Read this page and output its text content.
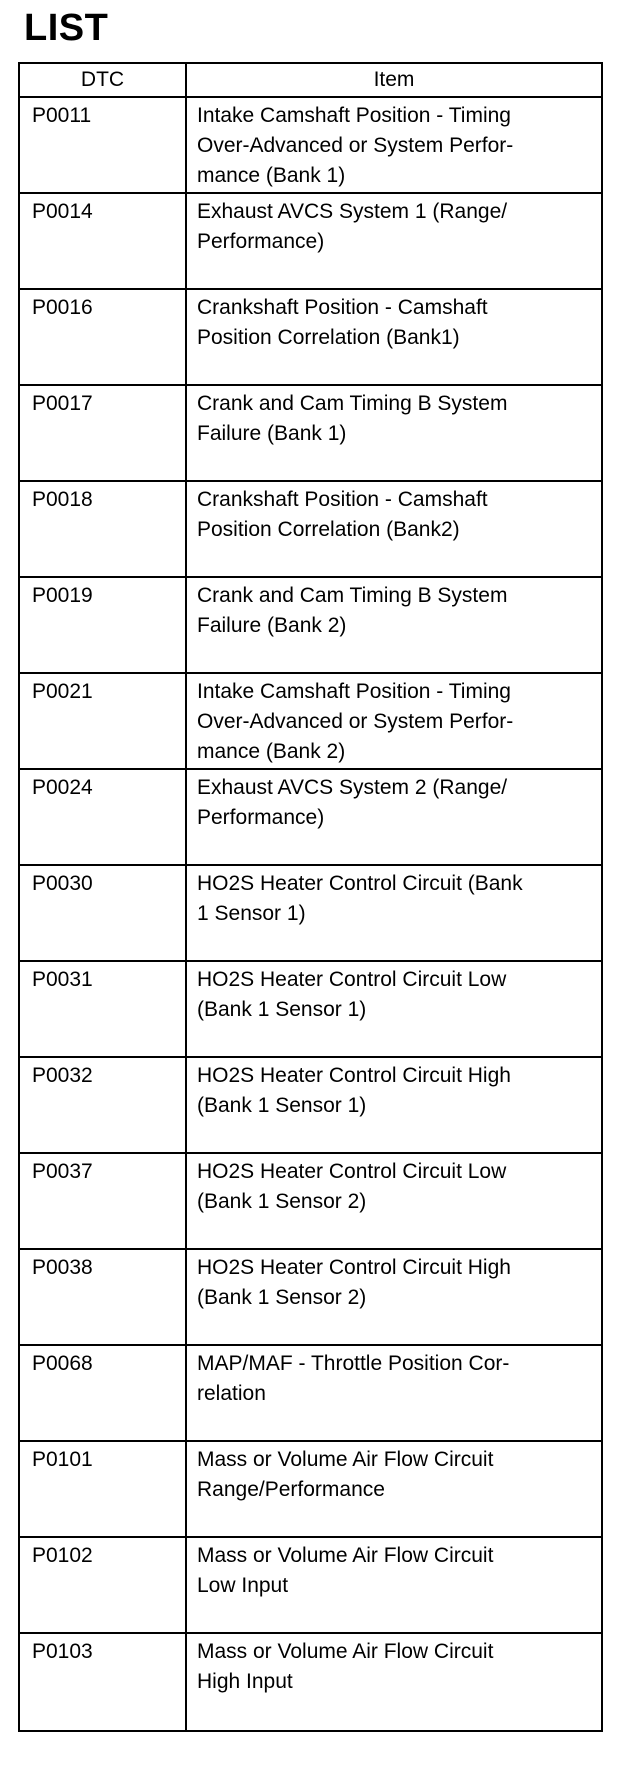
LIST
DTC	Item
P0011	Intake Camshaft Position - Timing
Over-Advanced or System Perfor-
mance (Bank 1)

P0014	Exhaust AVCS System 1 (Range/
Performance)

P0016	Crankshaft Position - Camshaft
Position Correlation (Bank1)

P0017	Crank and Cam Timing B System
Failure (Bank 1)

P0018	Crankshaft Position - Camshaft
Position Correlation (Bank2)

P0019	Crank and Cam Timing B System
Failure (Bank 2)

P0021	Intake Camshaft Position - Timing
Over-Advanced or System Perfor-
mance (Bank 2)

P0024	Exhaust AVCS System 2 (Range/
Performance)

P0030	HO2S Heater Control Circuit (Bank
1 Sensor 1)

P0031	HO2S Heater Control Circuit Low
(Bank 1 Sensor 1)

P0032	HO2S Heater Control Circuit High
(Bank 1 Sensor 1)

P0037	HO2S Heater Control Circuit Low
(Bank 1 Sensor 2)

P0038	HO2S Heater Control Circuit High
(Bank 1 Sensor 2)

P0068	MAP/MAF - Throttle Position Cor-
relation

P0101	Mass or Volume Air Flow Circuit
Range/Performance

P0102	Mass or Volume Air Flow Circuit
Low Input

P0103	Mass or Volume Air Flow Circuit
High Input
